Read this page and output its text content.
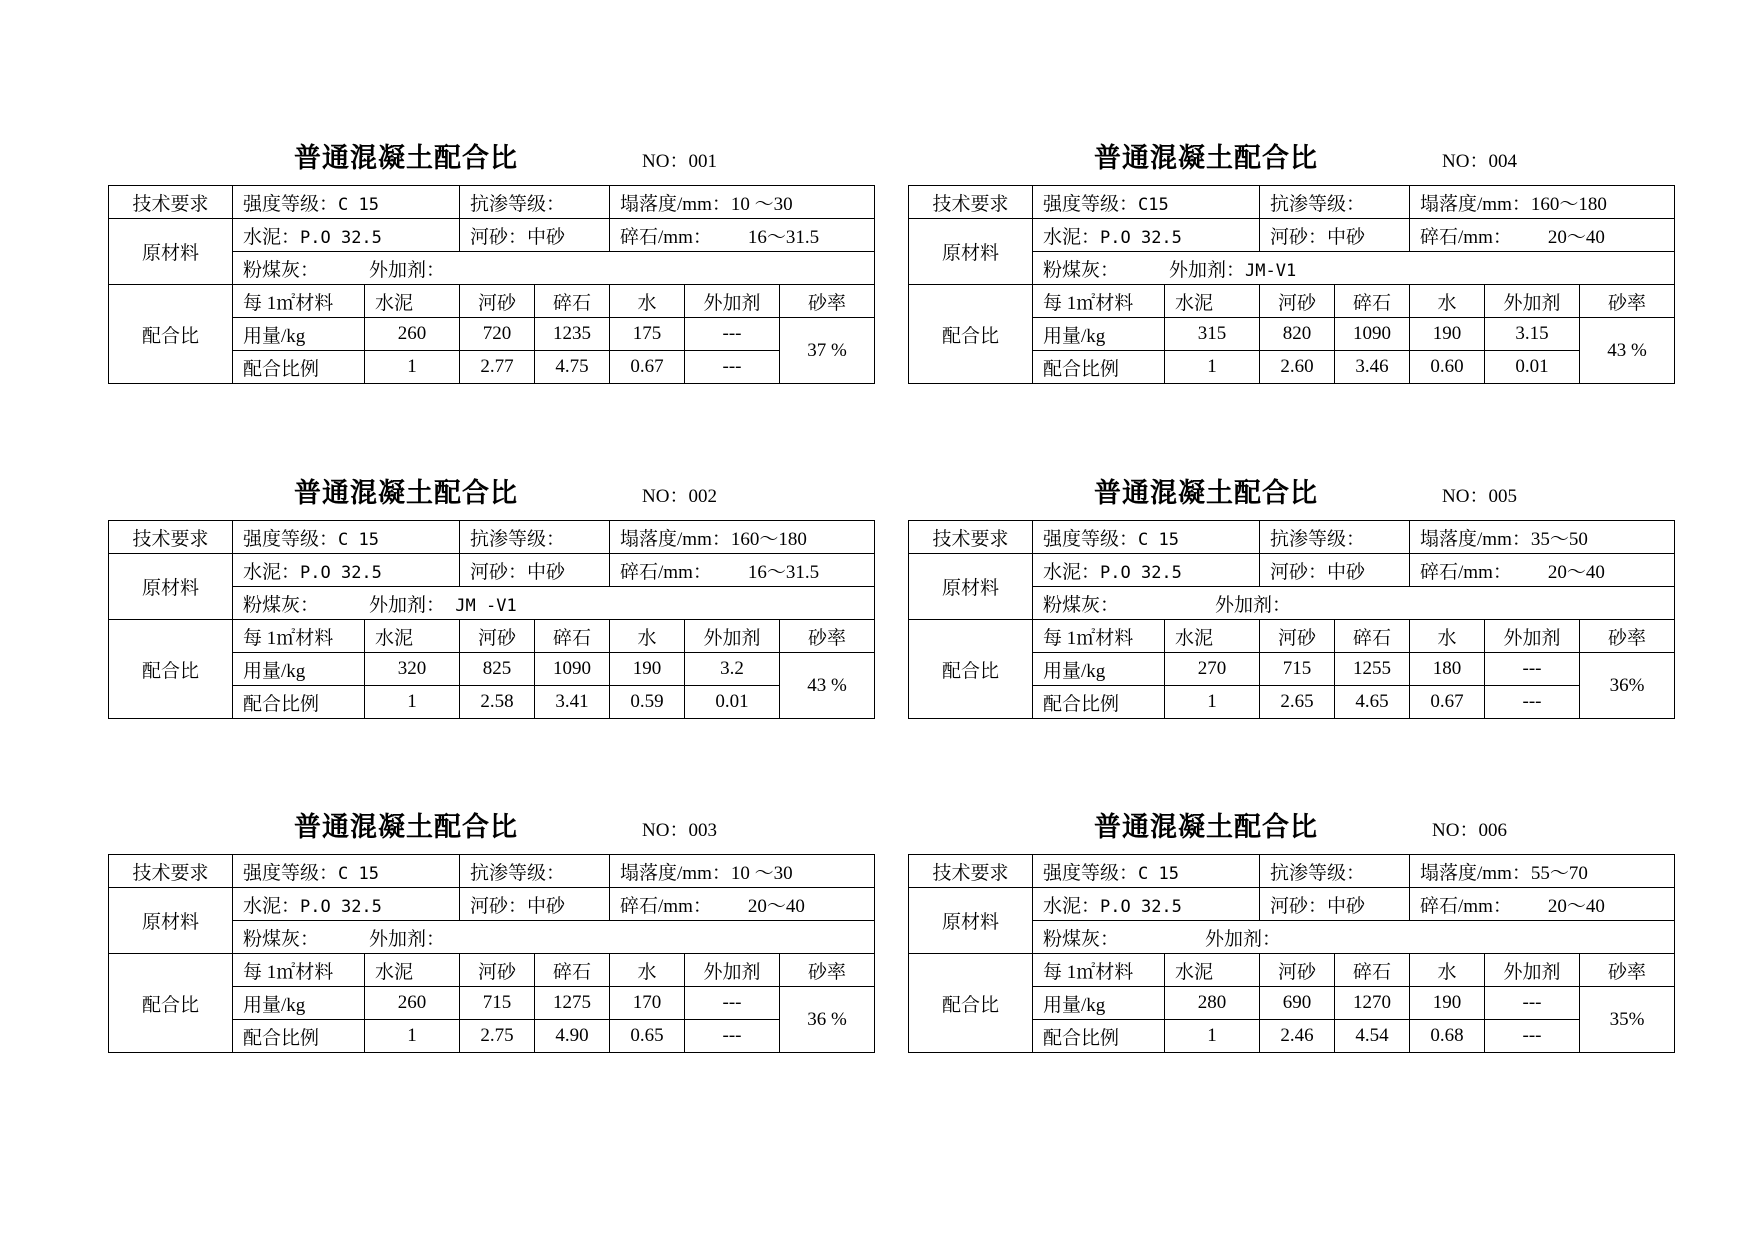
普通混凝土配合比	NO：001
技术要求	强度等级：C 15		抗渗等级：		塌落度/mm：10 ～30		
原材料	水泥：P.O 32.5		河砂：中砂		碎石/mm： 16～31.5		
	粉煤灰： 外加剂：						
配合比	每 1㎡材料	水泥	河砂	碎石	水	外加剂	砂率
	用量/kg	260	720	1235	175	---	37 %
	配合比例	1	2.77	4.75	0.67	---	
普通混凝土配合比	NO：004
技术要求	强度等级：C15		抗渗等级：		塌落度/mm：160～180		
原材料	水泥：P.O 32.5		河砂：中砂		碎石/mm： 20～40		
	粉煤灰： 外加剂：JM-V1						
配合比	每 1㎡材料	水泥	河砂	碎石	水	外加剂	砂率
	用量/kg	315	820	1090	190	3.15	43 %
	配合比例	1	2.60	3.46	0.60	0.01	
普通混凝土配合比	NO：002
技术要求	强度等级：C 15		抗渗等级：		塌落度/mm：160～180		
原材料	水泥：P.O 32.5		河砂：中砂		碎石/mm： 16～31.5		
	粉煤灰： 外加剂： JM -V1						
配合比	每 1㎡材料	水泥	河砂	碎石	水	外加剂	砂率
	用量/kg	320	825	1090	190	3.2	43 %
	配合比例	1	2.58	3.41	0.59	0.01	
普通混凝土配合比	NO：005
技术要求	强度等级：C 15		抗渗等级：		塌落度/mm：35～50		
原材料	水泥：P.O 32.5		河砂：中砂		碎石/mm： 20～40		
	粉煤灰： 外加剂：						
配合比	每 1㎡材料	水泥	河砂	碎石	水	外加剂	砂率
	用量/kg	270	715	1255	180	---	36%
	配合比例	1	2.65	4.65	0.67	---	
普通混凝土配合比	NO：003
技术要求	强度等级：C 15		抗渗等级：		塌落度/mm：10 ～30		
原材料	水泥：P.O 32.5		河砂：中砂		碎石/mm： 20～40		
	粉煤灰： 外加剂：						
配合比	每 1㎡材料	水泥	河砂	碎石	水	外加剂	砂率
	用量/kg	260	715	1275	170	---	36 %
	配合比例	1	2.75	4.90	0.65	---	
普通混凝土配合比	NO：006
技术要求	强度等级：C 15		抗渗等级：		塌落度/mm：55～70		
原材料	水泥：P.O 32.5		河砂：中砂		碎石/mm： 20～40		
	粉煤灰： 外加剂：						
配合比	每 1㎡材料	水泥	河砂	碎石	水	外加剂	砂率
	用量/kg	280	690	1270	190	---	35%
	配合比例	1	2.46	4.54	0.68	---	
